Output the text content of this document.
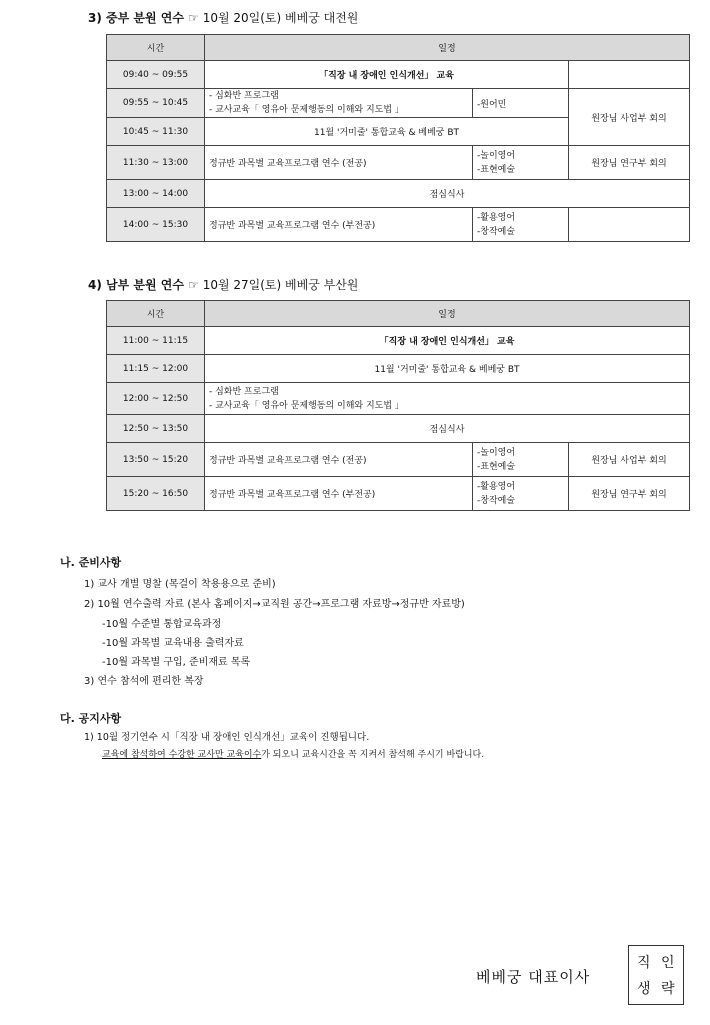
3) 중부 분원 연수 ☞ 10월 20일(토) 베베궁 대전원
시간	일정		
09:40 ~ 09:55	「직장 내 장애인 인식개선」 교육		
09:55 ~ 10:45	- 심화반 프로그램
- 교사교육「 영유아 문제행동의 이해와 지도법 」	-원어민	원장님 사업부 회의
10:45 ~ 11:30	11월 '거미줄' 통합교육 & 베베궁 BT		
11:30 ~ 13:00	정규반 과목별 교육프로그램 연수 (전공)	-놀이영어
-표현예술	원장님 연구부 회의
13:00 ~ 14:00	점심식사		
14:00 ~ 15:30	정규반 과목별 교육프로그램 연수 (부전공)	-활용영어
-창작예술	

4) 남부 분원 연수 ☞ 10월 27일(토) 베베궁 부산원
시간	일정		
11:00 ~ 11:15	「직장 내 장애인 인식개선」 교육		
11:15 ~ 12:00	11월 '거미줄' 통합교육 & 베베궁 BT		
12:00 ~ 12:50	- 심화반 프로그램
- 교사교육「 영유아 문제행동의 이해와 지도법 」		

12:50 ~ 13:50	점심식사		
13:50 ~ 15:20	정규반 과목별 교육프로그램 연수 (전공)	-놀이영어
-표현예술	원장님 사업부 회의
15:20 ~ 16:50	정규반 과목별 교육프로그램 연수 (부전공)	-활용영어
-창작예술	원장님 연구부 회의
나. 준비사항
1) 교사 개별 명찰 (목걸이 착용용으로 준비)
2) 10월 연수출력 자료 (본사 홈페이지→교직원 공간→프로그램 자료방→정규반 자료방)
-10월 수준별 통합교육과정
-10월 과목별 교육내용 출력자료
-10월 과목별 구입, 준비재료 목록
3) 연수 참석에 편리한 복장
다. 공지사항
1) 10월 정기연수 시「직장 내 장애인 인식개선」교육이 진행됩니다.
교육에 참석하여 수강한 교사만 교육이수가 되오니 교육시간을 꼭 지켜서 참석해 주시기 바랍니다.
베베궁 대표이사
직 인
생 략
